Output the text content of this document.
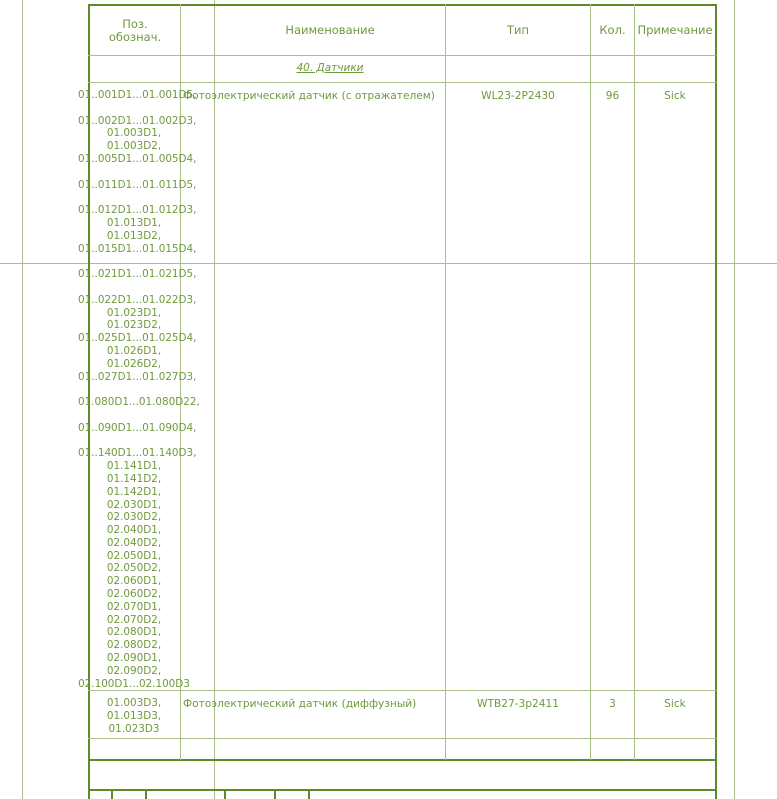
Поз.
обознач.	Наименование	Тип	Кол.	Примечание
40. Датчики
01..001D1...01.001D5,

01..002D1...01.002D3,
01.003D1,
01.003D2,
01..005D1...01.005D4,

01..011D1...01.011D5,

01..012D1...01.012D3,
01.013D1,
01.013D2,
01..015D1...01.015D4,

01..021D1...01.021D5,

01..022D1...01.022D3,
01.023D1,
01.023D2,
01..025D1...01.025D4,
01.026D1,
01.026D2,
01..027D1...01.027D3,

01.080D1...01.080D22,

01..090D1...01.090D4,

01..140D1...01.140D3,
01.141D1,
01.141D2,
01.142D1,
02.030D1,
02.030D2,
02.040D1,
02.040D2,
02.050D1,
02.050D2,
02.060D1,
02.060D2,
02.070D1,
02.070D2,
02.080D1,
02.080D2,
02.090D1,
02.090D2,
02.100D1...02.100D3
Фотоэлектрический датчик (с отражателем)	WL23-2P2430	96	Sick
01.003D3,
01.013D3,
01.023D3
Фотоэлектрический датчик (диффузный)	WTB27-3p2411	3	Sick
